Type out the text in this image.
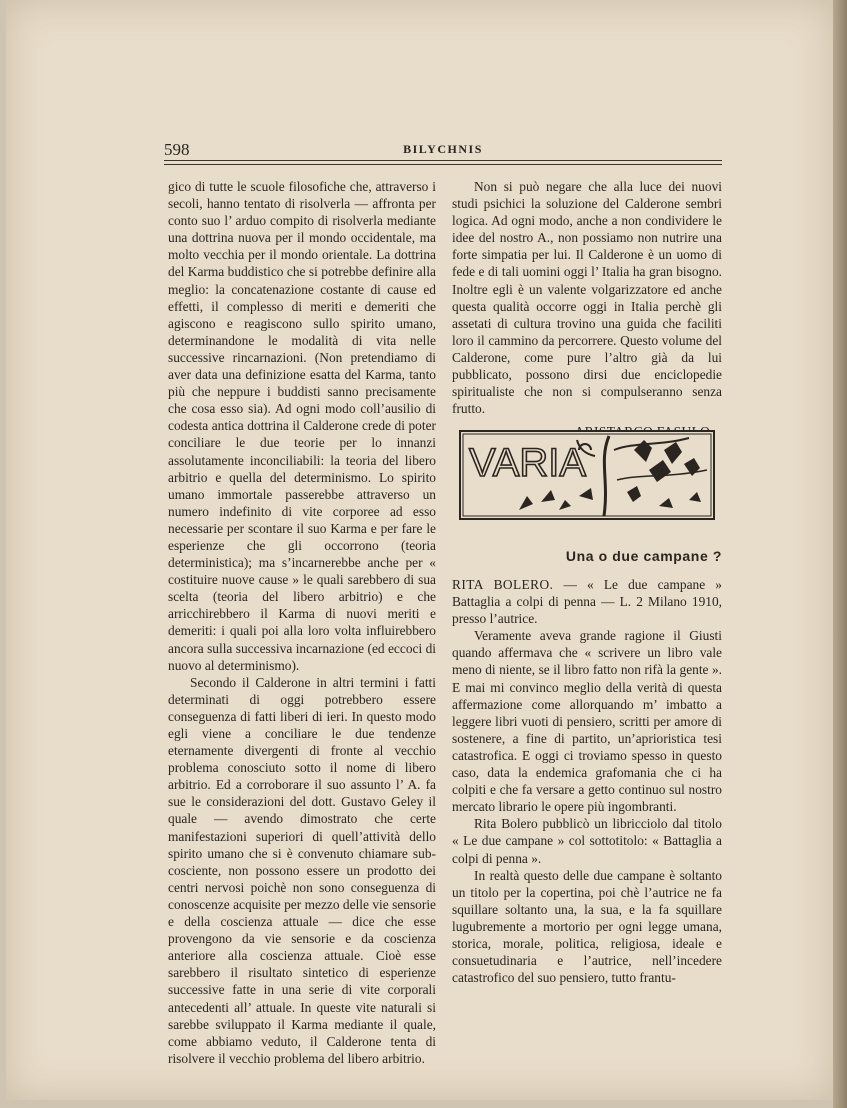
598	BILYCHNIS

gico di tutte le scuole filosofiche che, attraverso i secoli, hanno tentato di risolverla — affronta per conto suo l’ arduo compito di risolverla mediante una dottrina nuova per il mondo occidentale, ma molto vecchia per il mondo orientale. La dottrina del Karma buddistico che si potrebbe definire alla meglio: la concatenazione costante di cause ed effetti, il complesso di meriti e demeriti che agiscono e reagiscono sullo spirito umano, determinandone le modalità di vita nelle successive rincarnazioni. (Non pretendiamo di aver data una definizione esatta del Karma, tanto più che neppure i buddisti sanno precisamente che cosa esso sia). Ad ogni modo coll’ausilio di codesta antica dottrina il Calderone crede di poter conciliare le due teorie per lo innanzi assolutamente inconciliabili: la teoria del libero arbitrio e quella del determinismo. Lo spirito umano immortale passerebbe attraverso un numero indefinito di vite corporee ad esso necessarie per scontare il suo Karma e per fare le esperienze che gli occorrono (teoria deterministica); ma s’incarnerebbe anche per « costituire nuove cause » le quali sarebbero di sua scelta (teoria del libero arbitrio) e che arricchirebbero il Karma di nuovi meriti e demeriti: i quali poi alla loro volta influirebbero ancora sulla successiva incarnazione (ed eccoci di nuovo al determinismo).

Secondo il Calderone in altri termini i fatti determinati di oggi potrebbero essere conseguenza di fatti liberi di ieri. In questo modo egli viene a conciliare le due tendenze eternamente divergenti di fronte al vecchio problema conosciuto sotto il nome di libero arbitrio. Ed a corroborare il suo assunto l’ A. fa sue le considerazioni del dott. Gustavo Geley il quale — avendo dimostrato che certe manifestazioni superiori di quell’attività dello spirito umano che si è convenuto chiamare sub-cosciente, non possono essere un prodotto dei centri nervosi poichè non sono conseguenza di conoscenze acquisite per mezzo delle vie sensorie e della coscienza attuale — dice che esse provengono da vie sensorie e da coscienza anteriore alla coscienza attuale. Cioè esse sarebbero il risultato sintetico di esperienze successive fatte in una serie di vite corporali antecedenti all’ attuale. In queste vite naturali si sarebbe sviluppato il Karma mediante il quale, come abbiamo veduto, il Calderone tenta di risolvere il vecchio problema del libero arbitrio.

Non si può negare che alla luce dei nuovi studi psichici la soluzione del Calderone sembri logica. Ad ogni modo, anche a non condividere le idee del nostro A., non possiamo non nutrire una forte simpatia per lui. Il Calderone è un uomo di fede e di tali uomini oggi l’ Italia ha gran bisogno. Inoltre egli è un valente volgarizzatore ed anche questa qualità occorre oggi in Italia perchè gli assetati di cultura trovino una guida che faciliti loro il cammino da percorrere. Questo volume del Calderone, come pure l’altro già da lui pubblicato, possono dirsi due enciclopedie spiritualiste che non si compulseranno senza frutto.

VARIA
Una o due campane ?

RITA BOLERO. — « Le due campane » Battaglia a colpi di penna — L. 2 Milano 1910, presso l’autrice.

Veramente aveva grande ragione il Giusti quando affermava che « scrivere un libro vale meno di niente, se il libro fatto non rifà la gente ». E mai mi convinco meglio della verità di questa affermazione come allorquando m’ imbatto a leggere libri vuoti di pensiero, scritti per amore di sostenere, a fine di partito, un’aprioristica tesi catastrofica. E oggi ci troviamo spesso in questo caso, data la endemica grafomania che ci ha colpiti e che fa versare a getto continuo sul nostro mercato librario le opere più ingombranti.

Rita Bolero pubblicò un libricciolo dal titolo « Le due campane » col sottotitolo: « Battaglia a colpi di penna ».

In realtà questo delle due campane è soltanto un titolo per la copertina, poi chè l’autrice ne fa squillare soltanto una, la sua, e la fa squillare lugubremente a mortorio per ogni legge umana, storica, morale, politica, religiosa, ideale e consuetudinaria e l’autrice, nell’incedere catastrofico del suo pensiero, tutto frantu-
